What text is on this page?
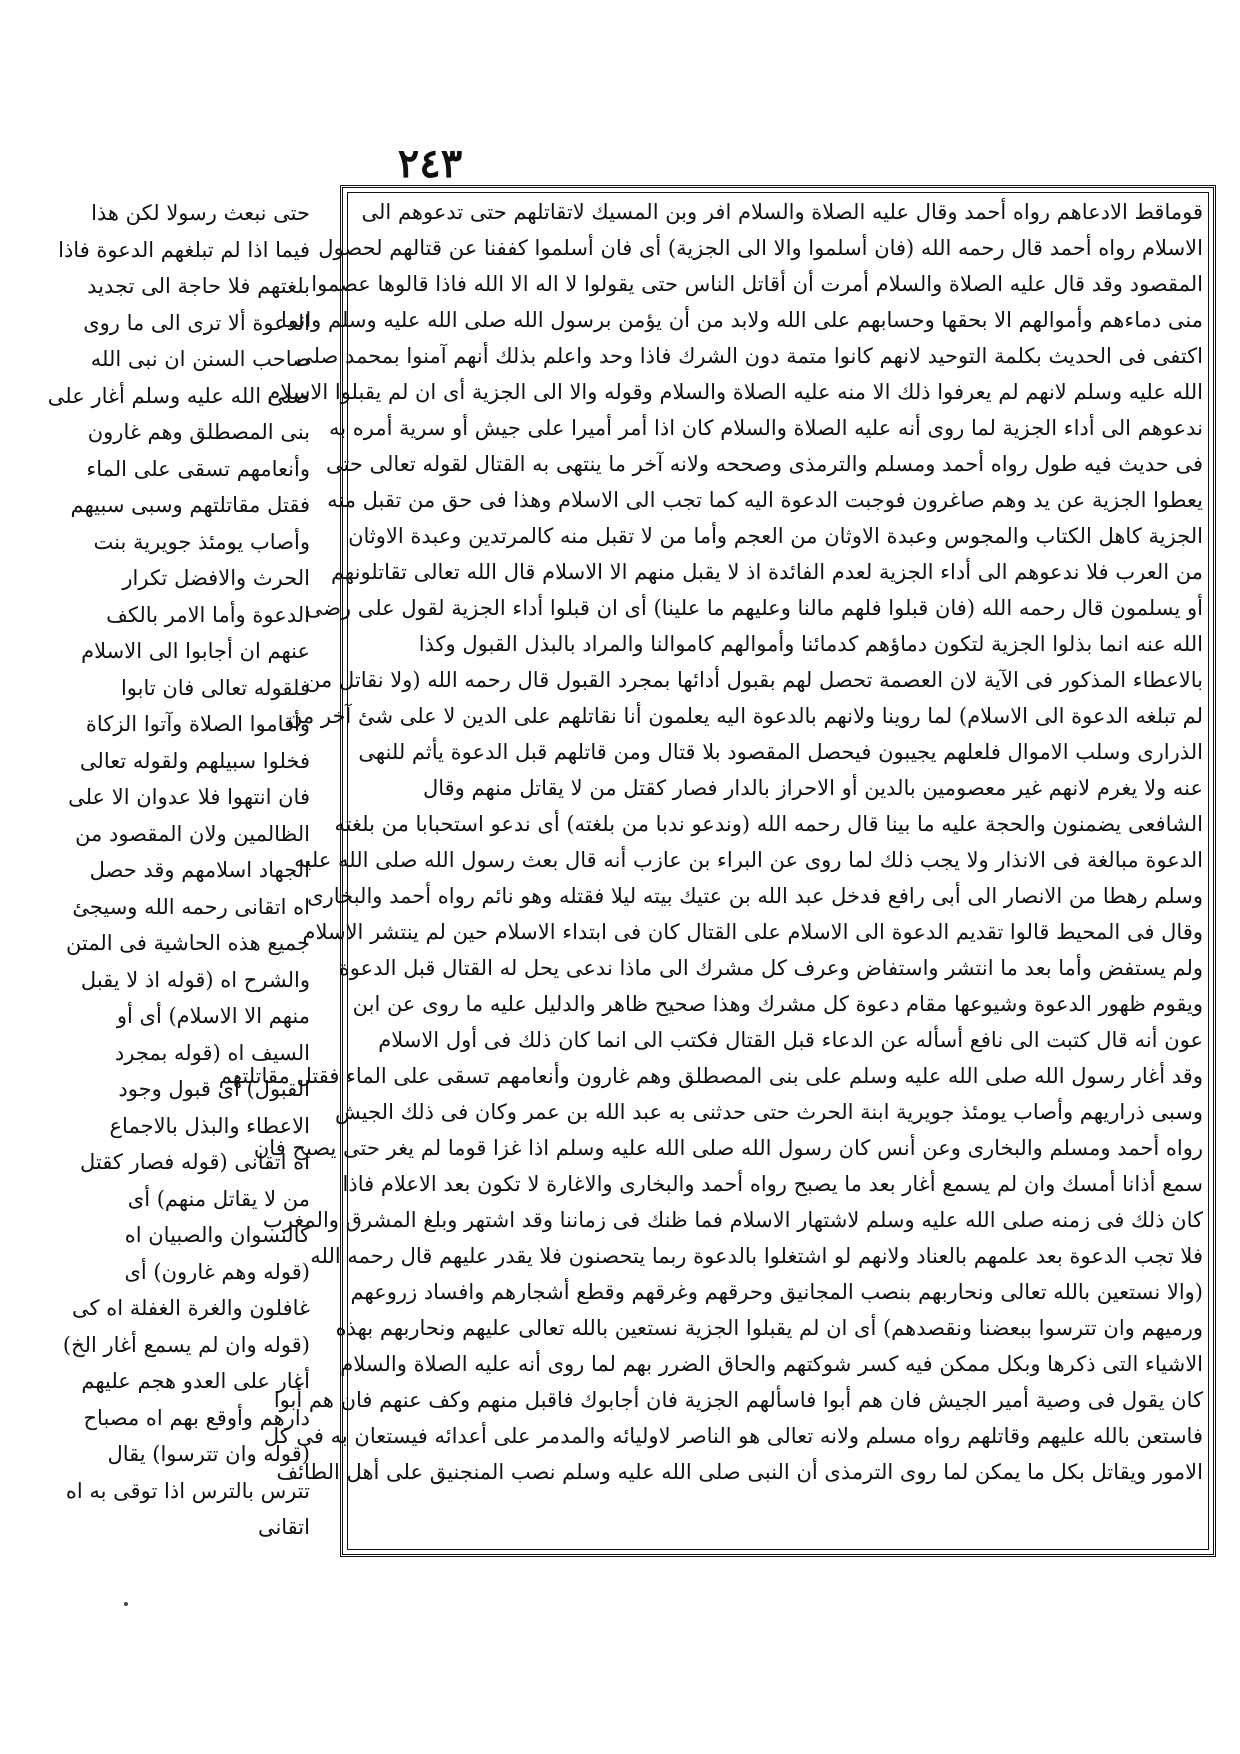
٢٤٣
قوماقط الادعاهم رواه أحمد وقال عليه الصلاة والسلام افر وبن المسيك لاتقاتلهم حتى تدعوهم الى
الاسلام رواه أحمد قال رحمه الله (فان أسلموا والا الى الجزية) أى فان أسلموا كففنا عن قتالهم لحصول
المقصود وقد قال عليه الصلاة والسلام أمرت أن أقاتل الناس حتى يقولوا لا اله الا الله فاذا قالوها عصموا
منى دماءهم وأموالهم الا بحقها وحسابهم على الله ولابد من أن يؤمن برسول الله صلى الله عليه وسلم وانما
اكتفى فى الحديث بكلمة التوحيد لانهم كانوا متمة دون الشرك فاذا وحد واعلم بذلك أنهم آمنوا بمحمد صلى
الله عليه وسلم لانهم لم يعرفوا ذلك الا منه عليه الصلاة والسلام وقوله والا الى الجزية أى ان لم يقبلوا الاسلام
ندعوهم الى أداء الجزية لما روى أنه عليه الصلاة والسلام كان اذا أمر أميرا على جيش أو سرية أمره به
فى حديث فيه طول رواه أحمد ومسلم والترمذى وصححه ولانه آخر ما ينتهى به القتال لقوله تعالى حتى
يعطوا الجزية عن يد وهم صاغرون فوجبت الدعوة اليه كما تجب الى الاسلام وهذا فى حق من تقبل منه
الجزية كاهل الكتاب والمجوس وعبدة الاوثان من العجم وأما من لا تقبل منه كالمرتدين وعبدة الاوثان
من العرب فلا ندعوهم الى أداء الجزية لعدم الفائدة اذ لا يقبل منهم الا الاسلام قال الله تعالى تقاتلونهم
أو يسلمون قال رحمه الله (فان قبلوا فلهم مالنا وعليهم ما علينا) أى ان قبلوا أداء الجزية لقول على رضى
الله عنه انما بذلوا الجزية لتكون دماؤهم كدمائنا وأموالهم كاموالنا والمراد بالبذل القبول وكذا
بالاعطاء المذكور فى الآية لان العصمة تحصل لهم بقبول أدائها بمجرد القبول قال رحمه الله (ولا نقاتل من
لم تبلغه الدعوة الى الاسلام) لما روينا ولانهم بالدعوة اليه يعلمون أنا نقاتلهم على الدين لا على شئ آخر من
الذرارى وسلب الاموال فلعلهم يجيبون فيحصل المقصود بلا قتال ومن قاتلهم قبل الدعوة يأثم للنهى
عنه ولا يغرم لانهم غير معصومين بالدين أو الاحراز بالدار فصار كقتل من لا يقاتل منهم وقال
الشافعى يضمنون والحجة عليه ما بينا قال رحمه الله (وندعو ندبا من بلغته) أى ندعو استحبابا من بلغته
الدعوة مبالغة فى الانذار ولا يجب ذلك لما روى عن البراء بن عازب أنه قال بعث رسول الله صلى الله عليه
وسلم رهطا من الانصار الى أبى رافع فدخل عبد الله بن عتيك بيته ليلا فقتله وهو نائم رواه أحمد والبخارى
وقال فى المحيط قالوا تقديم الدعوة الى الاسلام على القتال كان فى ابتداء الاسلام حين لم ينتشر الاسلام
ولم يستفض وأما بعد ما انتشر واستفاض وعرف كل مشرك الى ماذا ندعى يحل له القتال قبل الدعوة
ويقوم ظهور الدعوة وشيوعها مقام دعوة كل مشرك وهذا صحيح ظاهر والدليل عليه ما روى عن ابن
عون أنه قال كتبت الى نافع أسأله عن الدعاء قبل القتال فكتب الى انما كان ذلك فى أول الاسلام
وقد أغار رسول الله صلى الله عليه وسلم على بنى المصطلق وهم غارون وأنعامهم تسقى على الماء فقتل مقاتلتهم
وسبى ذراريهم وأصاب يومئذ جويرية ابنة الحرث حتى حدثنى به عبد الله بن عمر وكان فى ذلك الجيش
رواه أحمد ومسلم والبخارى وعن أنس كان رسول الله صلى الله عليه وسلم اذا غزا قوما لم يغر حتى يصبح فان
سمع أذانا أمسك وان لم يسمع أغار بعد ما يصبح رواه أحمد والبخارى والاغارة لا تكون بعد الاعلام فاذا
كان ذلك فى زمنه صلى الله عليه وسلم لاشتهار الاسلام فما ظنك فى زماننا وقد اشتهر وبلغ المشرق والمغرب
فلا تجب الدعوة بعد علمهم بالعناد ولانهم لو اشتغلوا بالدعوة ربما يتحصنون فلا يقدر عليهم قال رحمه الله
(والا نستعين بالله تعالى ونحاربهم بنصب المجانيق وحرقهم وغرقهم وقطع أشجارهم وافساد زروعهم
ورميهم وان تترسوا ببعضنا ونقصدهم) أى ان لم يقبلوا الجزية نستعين بالله تعالى عليهم ونحاربهم بهذه
الاشياء التى ذكرها وبكل ممكن فيه كسر شوكتهم والحاق الضرر بهم لما روى أنه عليه الصلاة والسلام
كان يقول فى وصية أمير الجيش فان هم أبوا فاسألهم الجزية فان أجابوك فاقبل منهم وكف عنهم فان هم أبوا
فاستعن بالله عليهم وقاتلهم رواه مسلم ولانه تعالى هو الناصر لاوليائه والمدمر على أعدائه فيستعان به فى كل
الامور ويقاتل بكل ما يمكن لما روى الترمذى أن النبى صلى الله عليه وسلم نصب المنجنيق على أهل الطائف
حتى نبعث رسولا لكن هذا
فيما اذا لم تبلغهم الدعوة فاذا
بلغتهم فلا حاجة الى تجديد
الدعوة ألا ترى الى ما روى
صاحب السنن ان نبى الله
صلى الله عليه وسلم أغار على
بنى المصطلق وهم غارون
وأنعامهم تسقى على الماء
فقتل مقاتلتهم وسبى سبيهم
وأصاب يومئذ جويرية بنت
الحرث والافضل تكرار
الدعوة وأما الامر بالكف
عنهم ان أجابوا الى الاسلام
فلقوله تعالى فان تابوا
وأقاموا الصلاة وآتوا الزكاة
فخلوا سبيلهم ولقوله تعالى
فان انتهوا فلا عدوان الا على
الظالمين ولان المقصود من
الجهاد اسلامهم وقد حصل
اه اتقانى رحمه الله وسيجئ
جميع هذه الحاشية فى المتن
والشرح اه (قوله اذ لا يقبل
منهم الا الاسلام) أى أو
السيف اه (قوله بمجرد
القبول) أى قبول وجود
الاعطاء والبذل بالاجماع
اه اتقانى (قوله فصار كقتل
من لا يقاتل منهم) أى
كالنسوان والصبيان اه
(قوله وهم غارون) أى
غافلون والغرة الغفلة اه كى
(قوله وان لم يسمع أغار الخ)
أغار على العدو هجم عليهم
دارهم وأوقع بهم اه مصباح
(قوله وان تترسوا) يقال
تترس بالترس اذا توقى به اه
اتقانى
